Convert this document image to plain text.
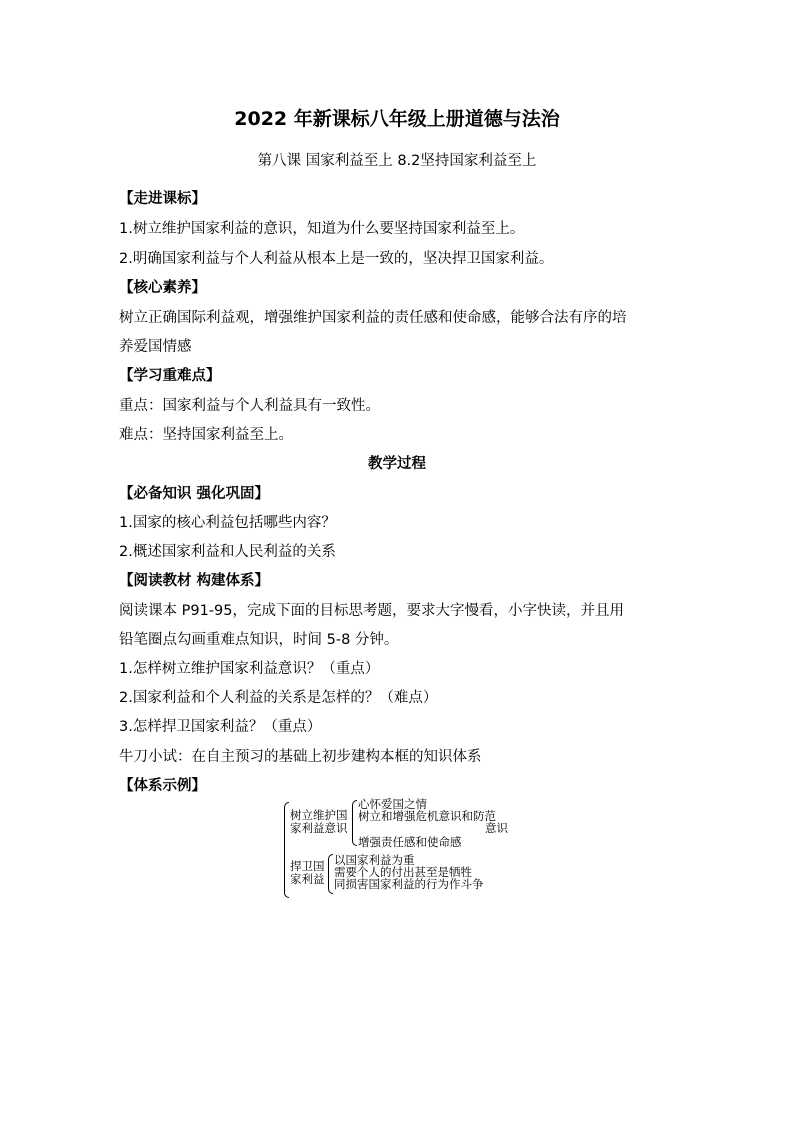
2022 年新课标八年级上册道德与法治
第八课 国家利益至上 8.2坚持国家利益至上
【走进课标】
1.树立维护国家利益的意识，知道为什么要坚持国家利益至上。
2.明确国家利益与个人利益从根本上是一致的，坚决捍卫国家利益。
【核心素养】
树立正确国际利益观，增强维护国家利益的责任感和使命感，能够合法有序的培
养爱国情感
【学习重难点】
重点：国家利益与个人利益具有一致性。
难点：坚持国家利益至上。
教学过程
【必备知识 强化巩固】
1.国家的核心利益包括哪些内容？
2.概述国家利益和人民利益的关系
【阅读教材 构建体系】
阅读课本 P91-95，完成下面的目标思考题，要求大字慢看，小字快读，并且用
铅笔圈点勾画重难点知识，时间 5-8 分钟。
1.怎样树立维护国家利益意识？（重点）
2.国家利益和个人利益的关系是怎样的？（难点）
3.怎样捍卫国家利益？（重点）
牛刀小试：在自主预习的基础上初步建构本框的知识体系
【体系示例】
树立维护国
家利益意识
心怀爱国之情
树立和增强危机意识和防范
意识
增强责任感和使命感
捍卫国
家利益
以国家利益为重
需要个人的付出甚至是牺牲
同损害国家利益的行为作斗争
